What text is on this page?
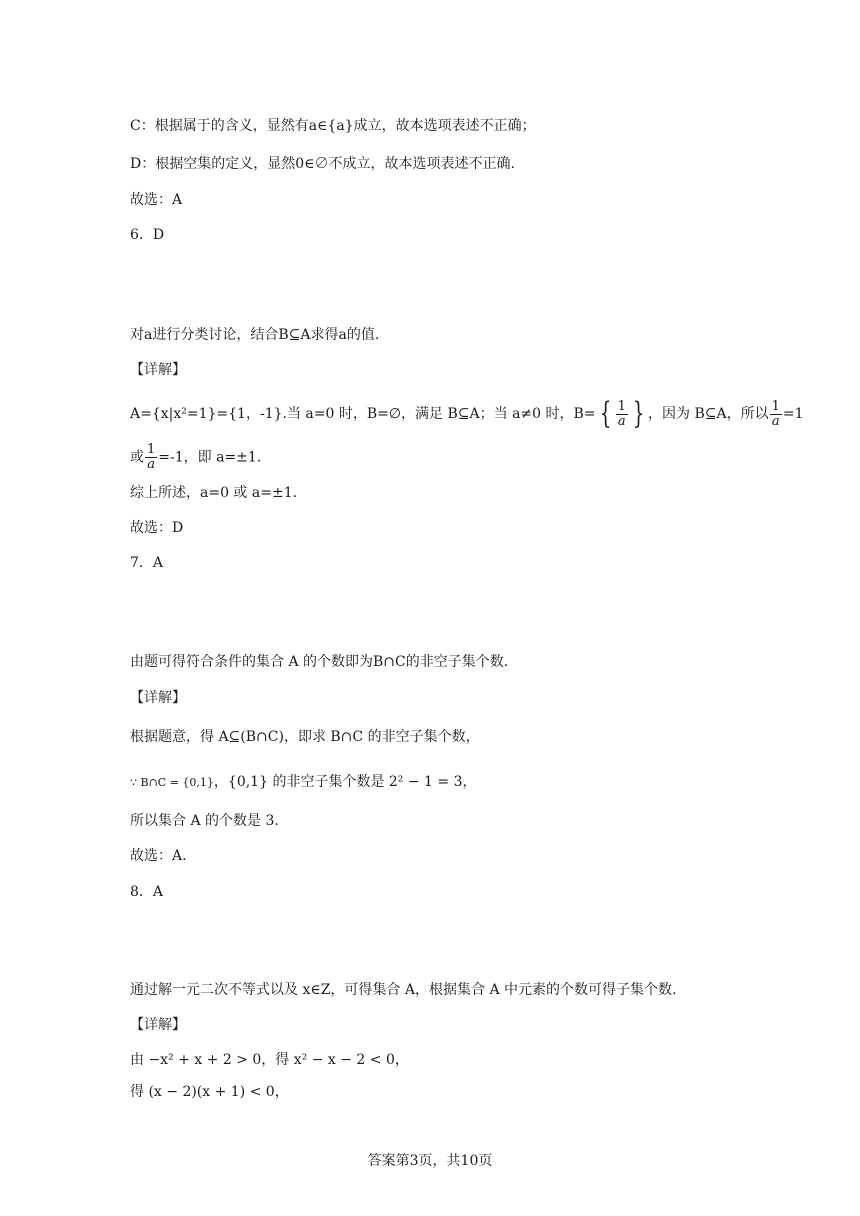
C：根据属于的含义，显然有a∈{a}成立，故本选项表述不正确；
D：根据空集的定义，显然0∈∅不成立，故本选项表述不正确.
故选：A
6．D
对a进行分类讨论，结合B⊆A求得a的值.
【详解】
A={x|x²=1}={1，-1}.当 a=0 时，B=∅，满足 B⊆A；当 a≠0 时，B= { $\frac{1}{a}$ } ，因为 B⊆A，所以 $\frac{1}{a} =1$
或 $\frac{1}{a} =-1$，即 a=±1.
综上所述，a=0 或 a=±1.
故选：D
7．A
由题可得符合条件的集合 A 的个数即为B∩C的非空子集个数.
【详解】
根据题意，得 A⊆(B∩C)，即求 B∩C 的非空子集个数，
∵ B∩C = {0,1}，{0,1} 的非空子集个数是 2² − 1 = 3，
所以集合 A 的个数是 3.
故选：A.
8．A
通过解一元二次不等式以及 x∈Z，可得集合 A，根据集合 A 中元素的个数可得子集个数.
【详解】
由 −x² + x + 2 > 0，得 x² − x − 2 < 0，
得 (x − 2)(x + 1) < 0，
答案第3页，共10页
